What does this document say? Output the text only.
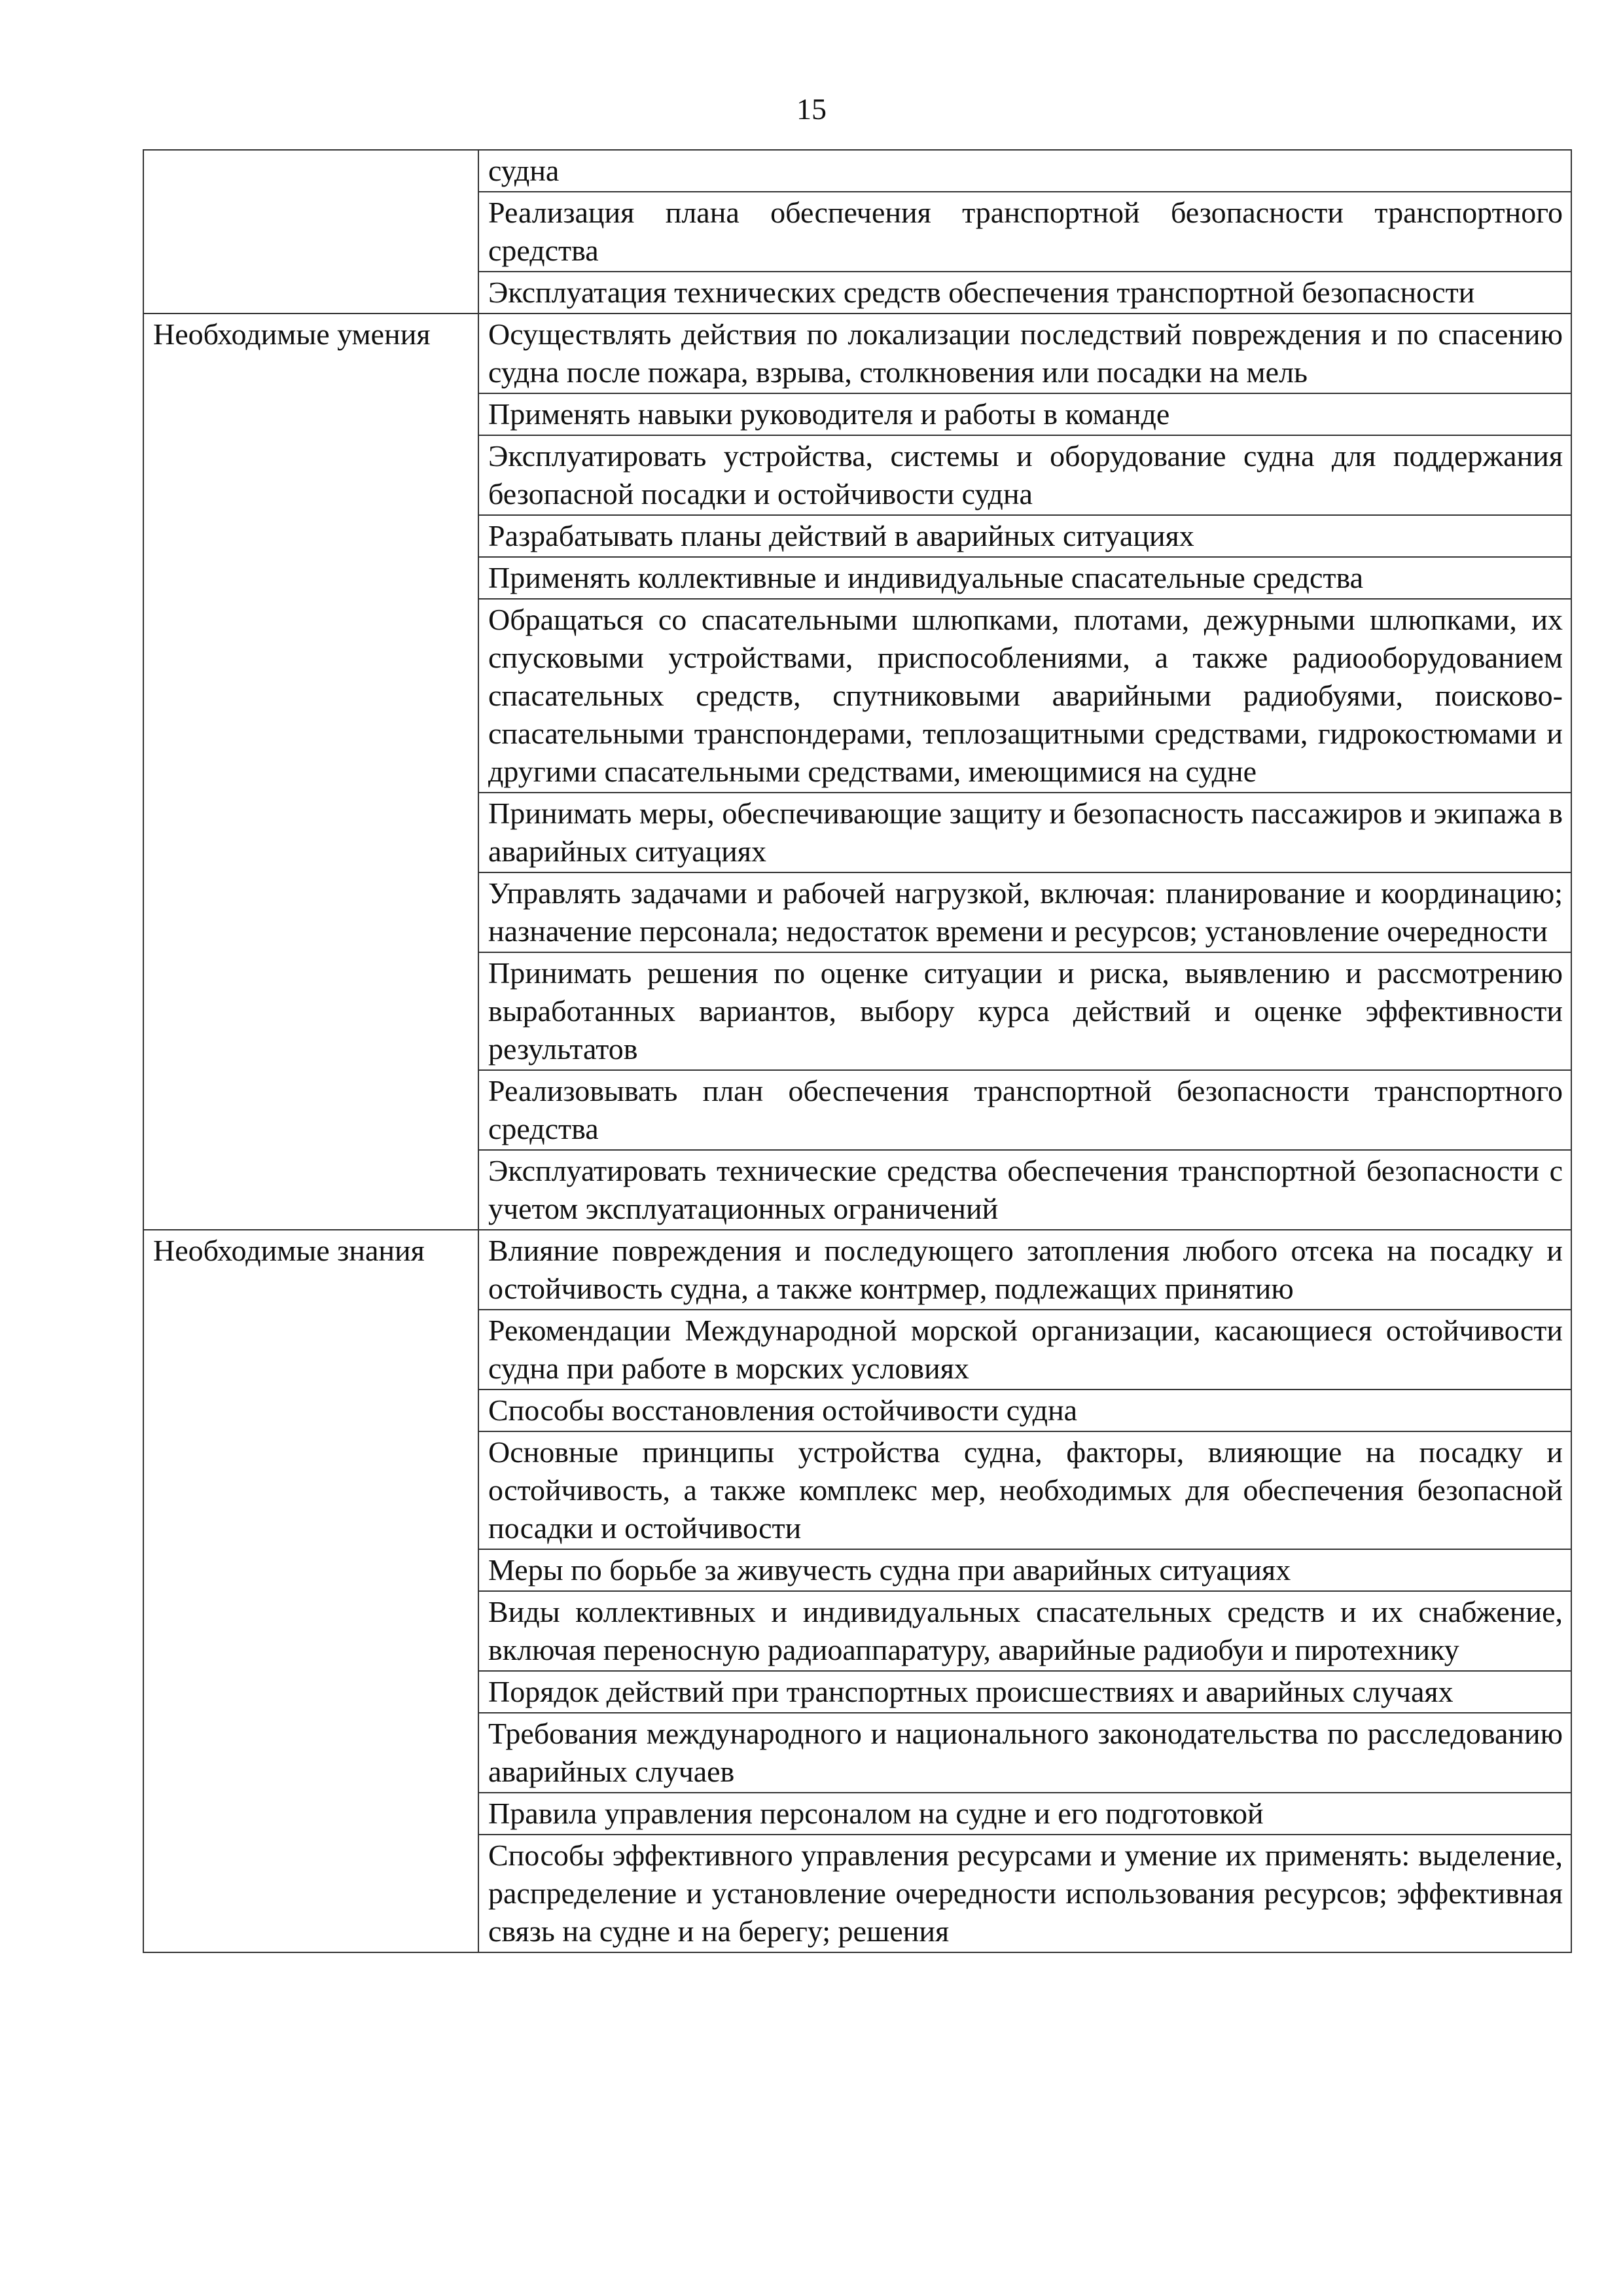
15
	судна
	Реализация плана обеспечения транспортной безопасности транспортного средства
	Эксплуатация технических средств обеспечения транспортной безопасности
Необходимые умения	Осуществлять действия по локализации последствий повреждения и по спасению судна после пожара, взрыва, столкновения или посадки на мель
	Применять навыки руководителя и работы в команде
	Эксплуатировать устройства, системы и оборудование судна для поддержания безопасной посадки и остойчивости судна
	Разрабатывать планы действий в аварийных ситуациях
	Применять коллективные и индивидуальные спасательные средства
	Обращаться со спасательными шлюпками, плотами, дежурными шлюпками, их спусковыми устройствами, приспособлениями, а также радиооборудованием спасательных средств, спутниковыми аварийными радиобуями, поисково-спасательными транспондерами, теплозащитными средствами, гидрокостюмами и другими спасательными средствами, имеющимися на судне
	Принимать меры, обеспечивающие защиту и безопасность пассажиров и экипажа в аварийных ситуациях
	Управлять задачами и рабочей нагрузкой, включая: планирование и координацию; назначение персонала; недостаток времени и ресурсов; установление очередности
	Принимать решения по оценке ситуации и риска, выявлению и рассмотрению выработанных вариантов, выбору курса действий и оценке эффективности результатов
	Реализовывать план обеспечения транспортной безопасности транспортного средства
	Эксплуатировать технические средства обеспечения транспортной безопасности с учетом эксплуатационных ограничений
Необходимые знания	Влияние повреждения и последующего затопления любого отсека на посадку и остойчивость судна, а также контрмер, подлежащих принятию
	Рекомендации Международной морской организации, касающиеся остойчивости судна при работе в морских условиях
	Способы восстановления остойчивости судна
	Основные принципы устройства судна, факторы, влияющие на посадку и остойчивость, а также комплекс мер, необходимых для обеспечения безопасной посадки и остойчивости
	Меры по борьбе за живучесть судна при аварийных ситуациях
	Виды коллективных и индивидуальных спасательных средств и их снабжение, включая переносную радиоаппаратуру, аварийные радиобуи и пиротехнику
	Порядок действий при транспортных происшествиях и аварийных случаях
	Требования международного и национального законодательства по расследованию аварийных случаев
	Правила управления персоналом на судне и его подготовкой
	Способы эффективного управления ресурсами и умение их применять: выделение, распределение и установление очередности использования ресурсов; эффективная связь на судне и на берегу; решения
